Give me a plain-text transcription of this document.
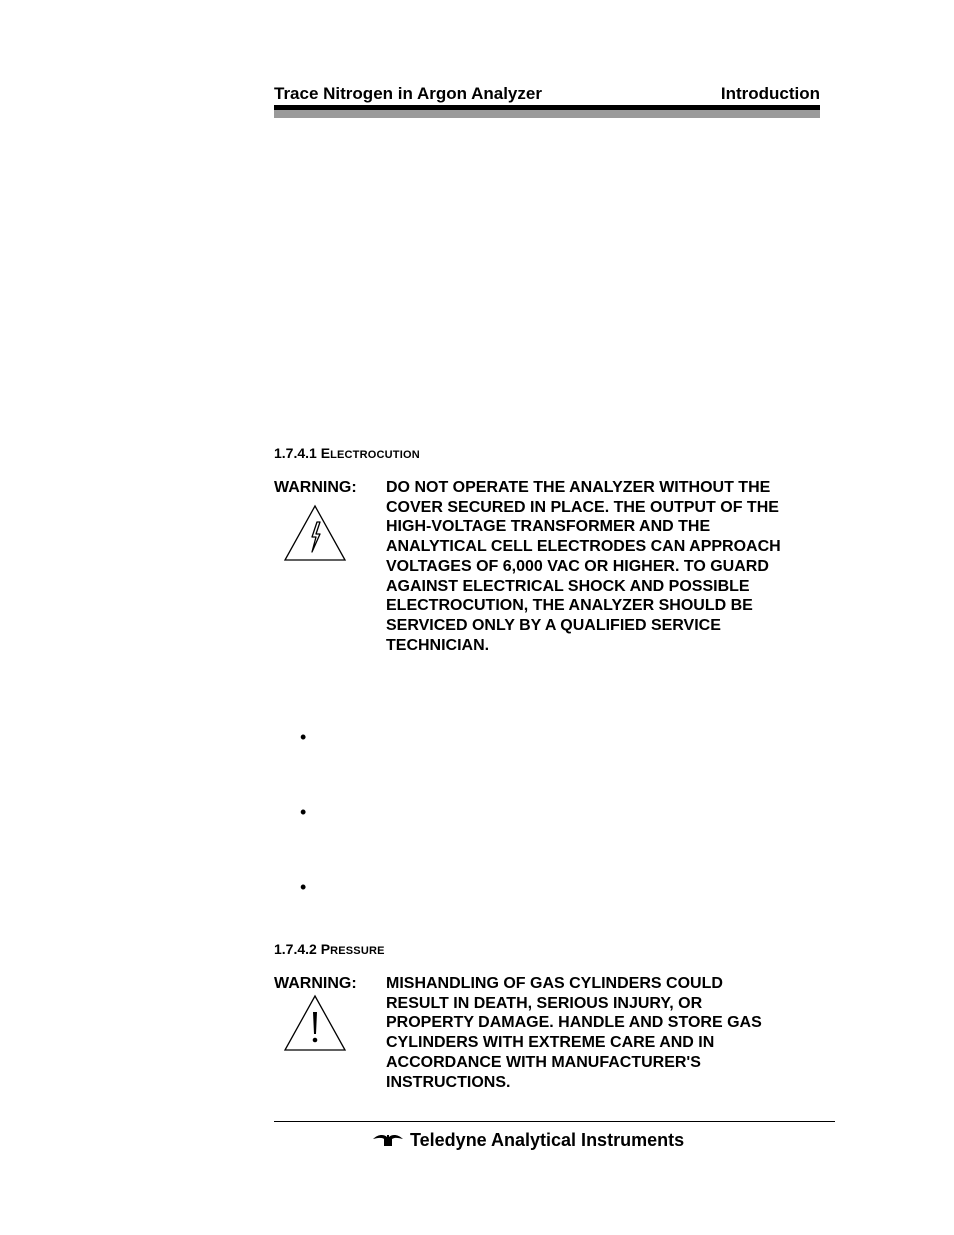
Trace Nitrogen in Argon Analyzer	Introduction
1.7.4.1 ELECTROCUTION
WARNING: DO NOT OPERATE THE ANALYZER WITHOUT THE
COVER SECURED IN PLACE. THE OUTPUT OF THE
HIGH-VOLTAGE TRANSFORMER AND THE
ANALYTICAL CELL ELECTRODES CAN APPROACH
VOLTAGES OF 6,000 VAC OR HIGHER. TO GUARD
AGAINST ELECTRICAL SHOCK AND POSSIBLE
ELECTROCUTION, THE ANALYZER SHOULD BE
SERVICED ONLY BY A QUALIFIED SERVICE
TECHNICIAN.
•
•
•
1.7.4.2 PRESSURE
WARNING: MISHANDLING OF GAS CYLINDERS COULD
RESULT IN DEATH, SERIOUS INJURY, OR
PROPERTY DAMAGE. HANDLE AND STORE GAS
CYLINDERS WITH EXTREME CARE AND IN
ACCORDANCE WITH MANUFACTURER'S
INSTRUCTIONS.
Teledyne Analytical Instruments
